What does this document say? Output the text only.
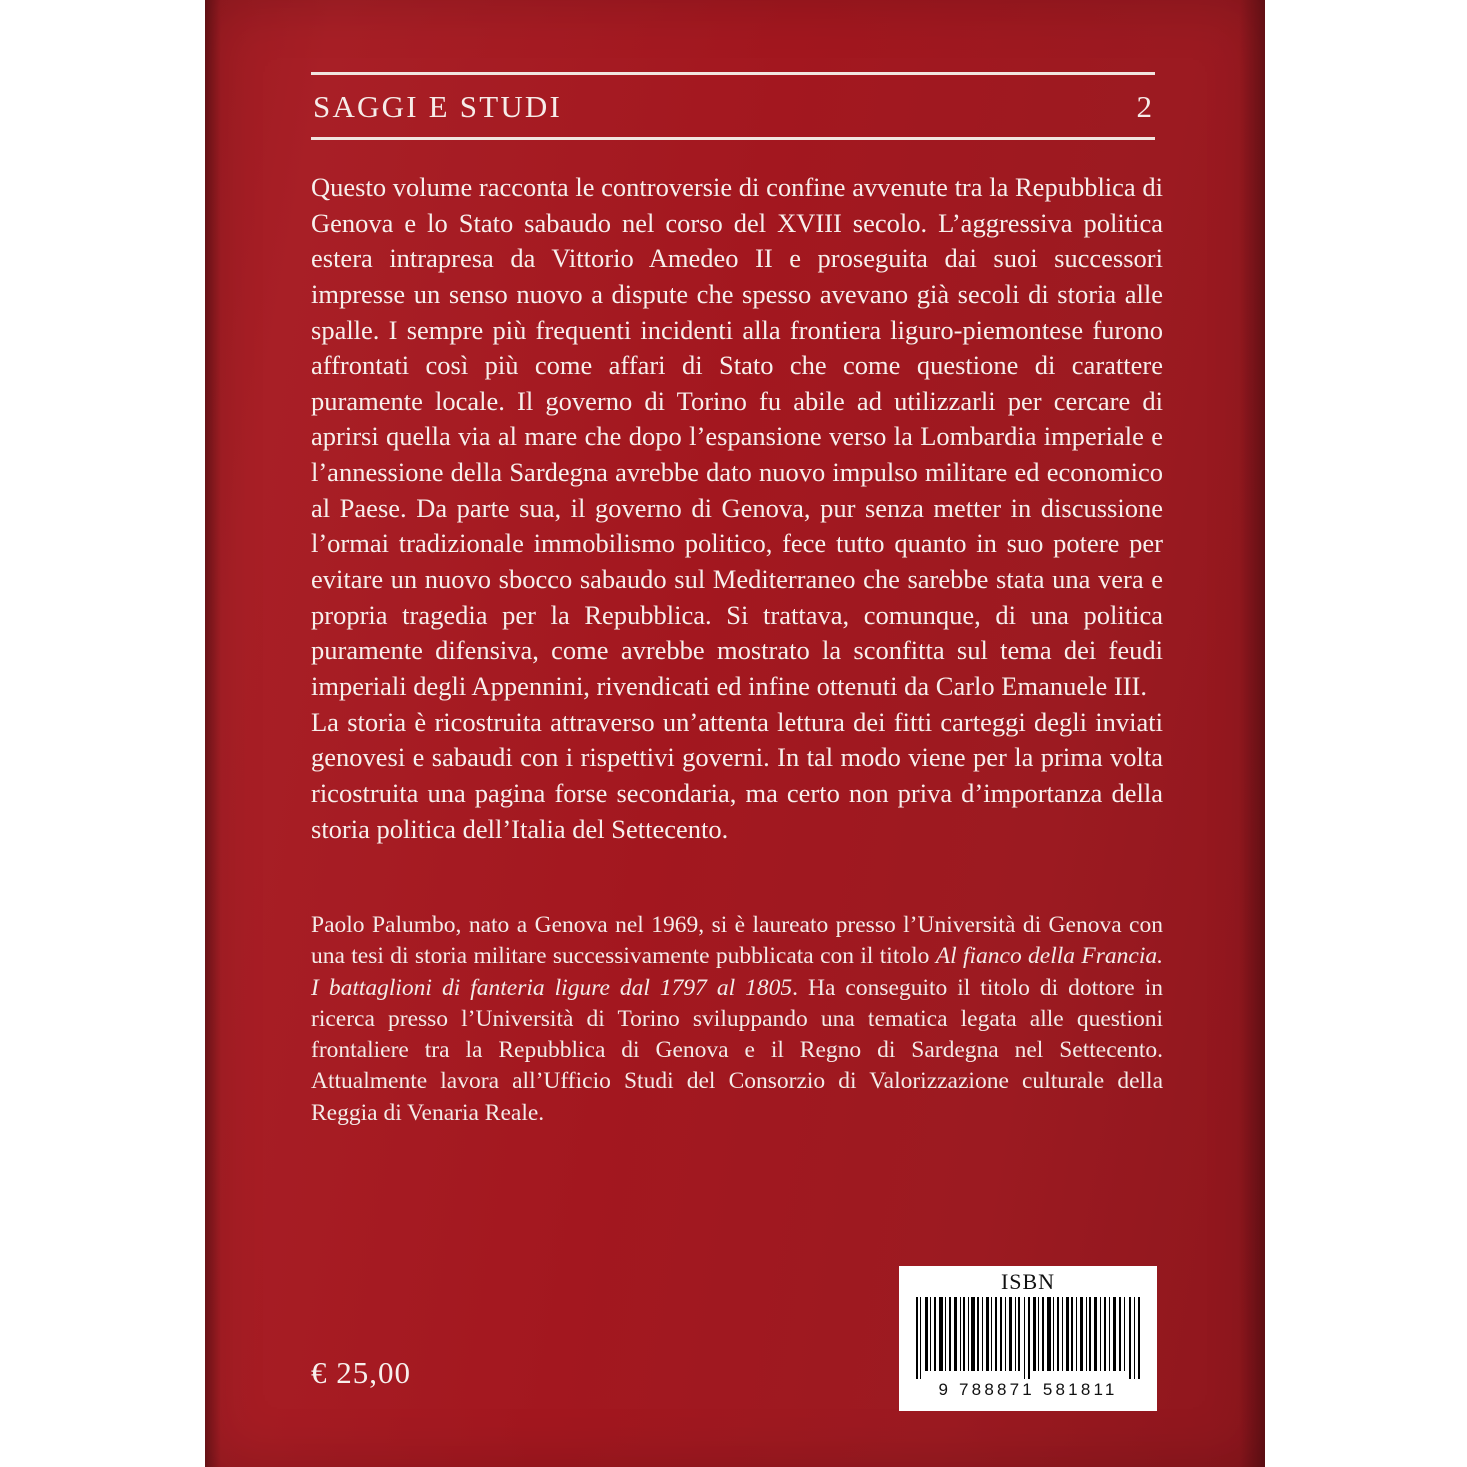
SAGGI E STUDI	2

Questo volume racconta le controversie di confine avvenute tra la Repubblica di Genova e lo Stato sabaudo nel corso del XVIII secolo. L’aggressiva politica estera intrapresa da Vittorio Amedeo II e proseguita dai suoi successori impresse un senso nuovo a dispute che spesso avevano già secoli di storia alle spalle. I sempre più frequenti incidenti alla frontiera liguro-piemontese furono affrontati così più come affari di Stato che come questione di carattere puramente locale. Il governo di Torino fu abile ad utilizzarli per cercare di aprirsi quella via al mare che dopo l’espansione verso la Lombardia imperiale e l’annessione della Sardegna avrebbe dato nuovo impulso militare ed economico al Paese. Da parte sua, il governo di Genova, pur senza metter in discussione l’ormai tradizionale immobilismo politico, fece tutto quanto in suo potere per evitare un nuovo sbocco sabaudo sul Mediterraneo che sarebbe stata una vera e propria tragedia per la Repubblica. Si trattava, comunque, di una politica puramente difensiva, come avrebbe mostrato la sconfitta sul tema dei feudi imperiali degli Appennini, rivendicati ed infine ottenuti da Carlo Emanuele III.

La storia è ricostruita attraverso un’attenta lettura dei fitti carteggi degli inviati genovesi e sabaudi con i rispettivi governi. In tal modo viene per la prima volta ricostruita una pagina forse secondaria, ma certo non priva d’importanza della storia politica dell’Italia del Settecento.

Paolo Palumbo, nato a Genova nel 1969, si è laureato presso l’Università di Genova con una tesi di storia militare successivamente pubblicata con il titolo Al fianco della Francia. I battaglioni di fanteria ligure dal 1797 al 1805. Ha conseguito il titolo di dottore in ricerca presso l’Università di Torino sviluppando una tematica legata alle questioni frontaliere tra la Repubblica di Genova e il Regno di Sardegna nel Settecento. Attualmente lavora all’Ufficio Studi del Consorzio di Valorizzazione culturale della Reggia di Venaria Reale.

€ 25,00
ISBN
9 788871 581811
